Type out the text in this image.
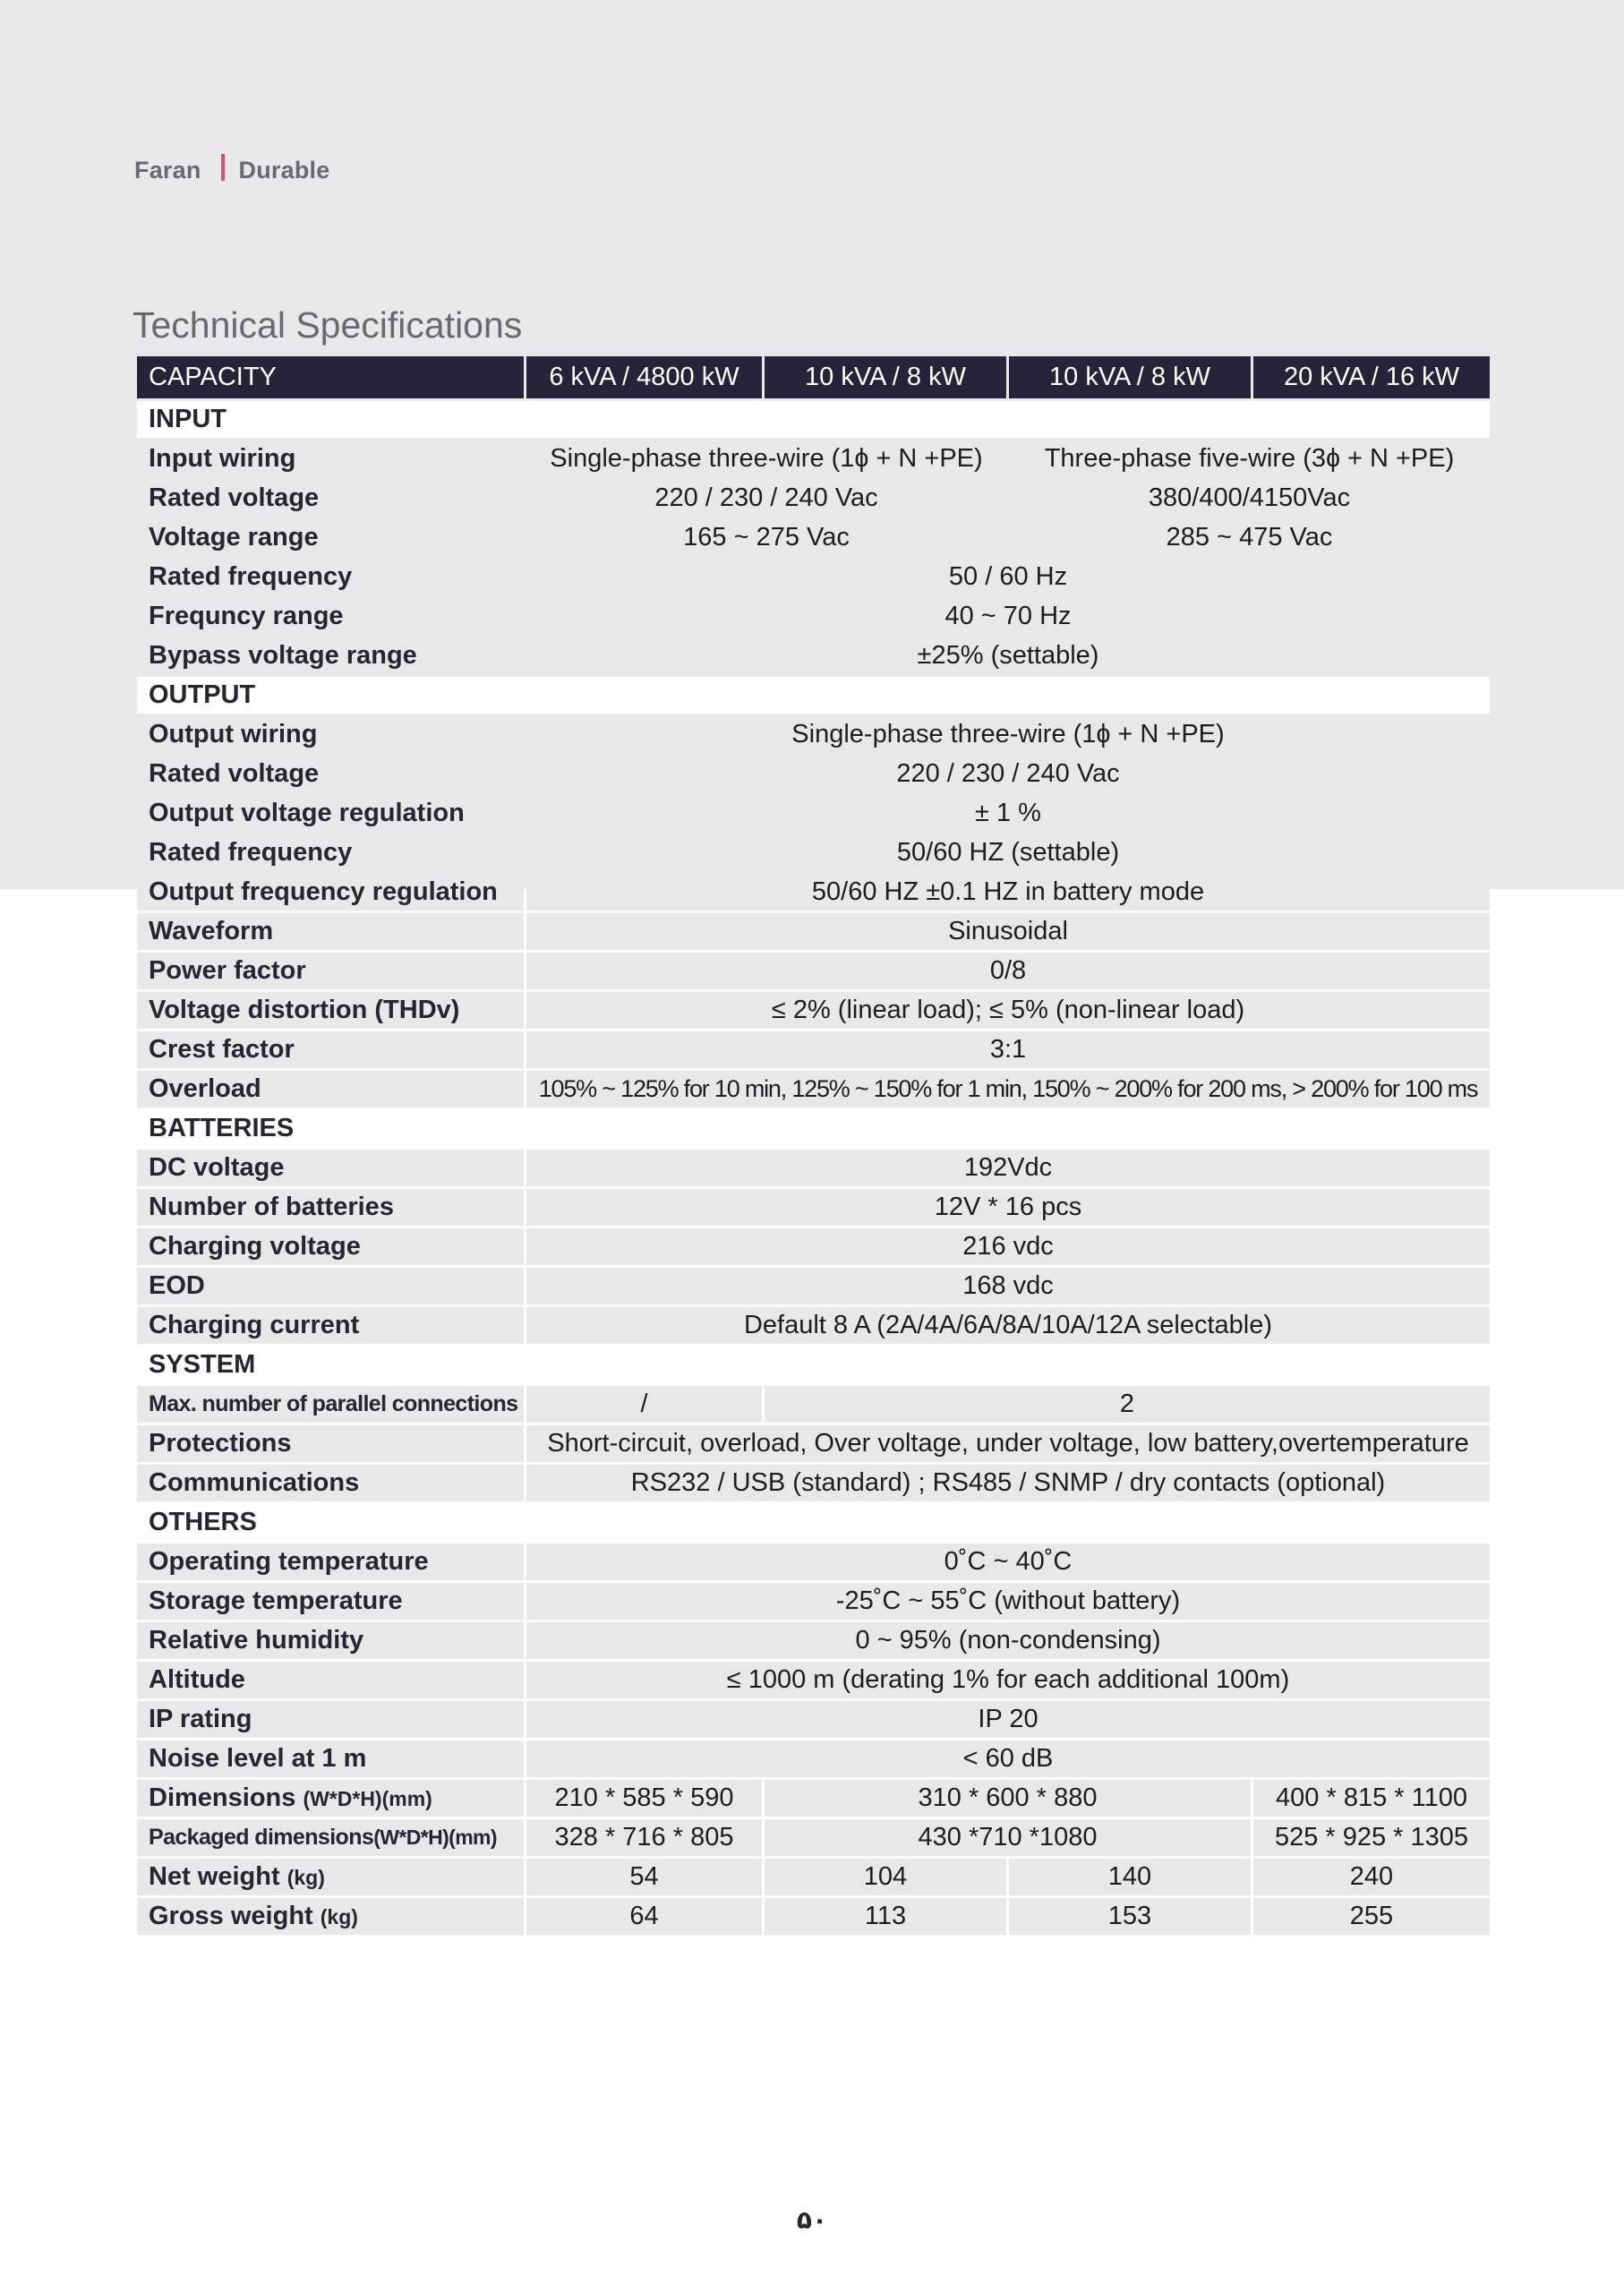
Faran Durable
Technical Specifications
CAPACITY	6 kVA / 4800 kW	10 kVA / 8 kW	10 kVA / 8 kW	20 kVA / 16 kW
INPUT				
Input wiring	Single-phase three-wire (1ɸ + N +PE)		Three-phase five-wire (3ɸ + N +PE)	
Rated voltage	220 / 230 / 240 Vac		380/400/4150Vac	
Voltage range	165 ~ 275 Vac		285 ~ 475 Vac	
Rated frequency	50 / 60 Hz			
Frequncy range	40 ~ 70 Hz			
Bypass voltage range	±25% (settable)			
OUTPUT				
Output wiring	Single-phase three-wire (1ɸ + N +PE)			
Rated voltage	220 / 230 / 240 Vac			
Output voltage regulation	± 1 %			
Rated frequency	50/60 HZ (settable)			
Output frequency regulation	50/60 HZ ±0.1 HZ in battery mode			
Waveform	Sinusoidal			
Power factor	0/8			
Voltage distortion (THDv)	≤ 2% (linear load); ≤ 5% (non-linear load)			
Crest factor	3:1			
Overload	105% ~ 125% for 10 min, 125% ~ 150% for 1 min, 150% ~ 200% for 200 ms, > 200% for 100 ms			
BATTERIES				
DC voltage	192Vdc			
Number of batteries	12V * 16 pcs			
Charging voltage	216 vdc			
EOD	168 vdc			
Charging current	Default 8 A (2A/4A/6A/8A/10A/12A selectable)			
SYSTEM				
Max. number of parallel connections	/	2		
Protections	Short-circuit, overload, Over voltage, under voltage, low battery,overtemperature			
Communications	RS232 / USB (standard) ; RS485 / SNMP / dry contacts (optional)			
OTHERS				
Operating temperature	0˚C ~ 40˚C			
Storage temperature	-25˚C ~ 55˚C (without battery)			
Relative humidity	0 ~ 95% (non-condensing)			
Altitude	≤ 1000 m (derating 1% for each additional 100m)			
IP rating	IP 20			
Noise level at 1 m	< 60 dB			
Dimensions (W*D*H)(mm)	210 * 585 * 590	310 * 600 * 880		400 * 815 * 1100
Packaged dimensions(W*D*H)(mm)	328 * 716 * 805	430 *710 *1080		525 * 925 * 1305
Net weight (kg)	54	104	140	240
Gross weight (kg)	64	113	153	255
۵۰
